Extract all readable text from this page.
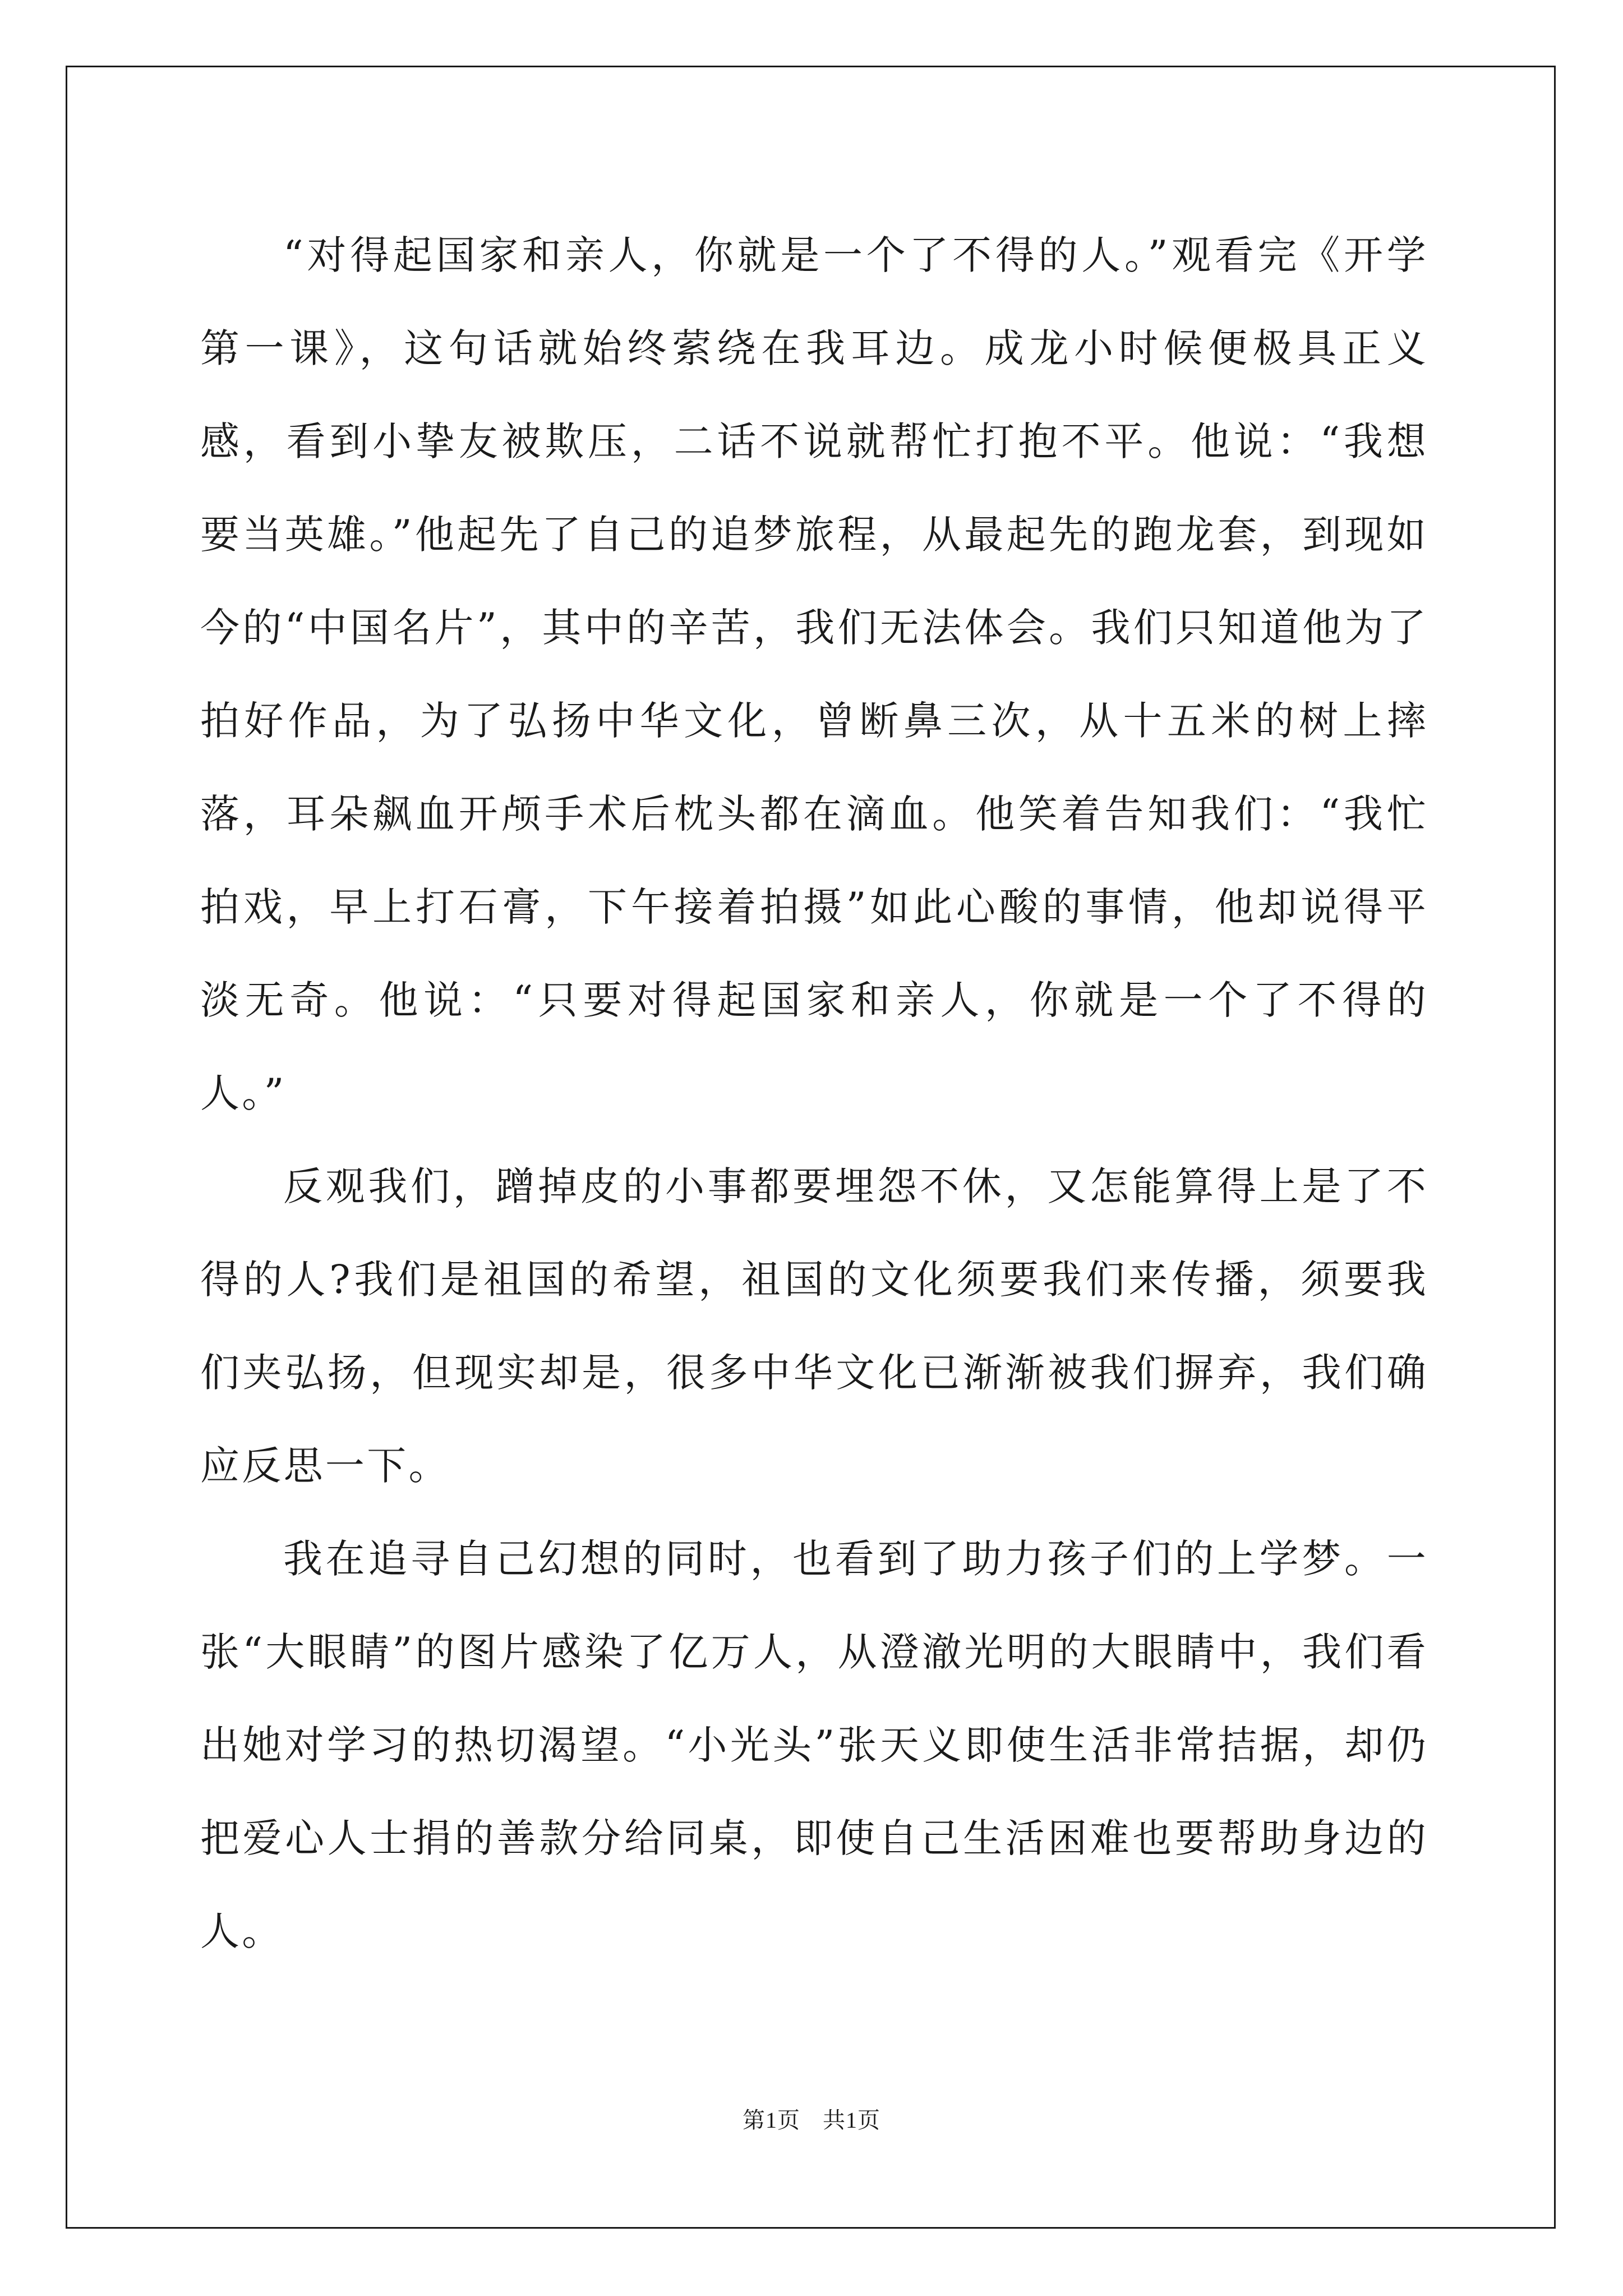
“对得起国家和亲人，你就是一个了不得的人。”观看完《开学第一课》，这句话就始终萦绕在我耳边。成龙小时候便极具正义感，看到小挚友被欺压，二话不说就帮忙打抱不平。他说：“我想要当英雄。”他起先了自己的追梦旅程，从最起先的跑龙套，到现如今的“中国名片”，其中的辛苦，我们无法体会。我们只知道他为了拍好作品，为了弘扬中华文化，曾断鼻三次，从十五米的树上摔落，耳朵飙血开颅手术后枕头都在滴血。他笑着告知我们：“我忙拍戏，早上打石膏，下午接着拍摄”如此心酸的事情，他却说得平淡无奇。他说：“只要对得起国家和亲人，你就是一个了不得的人。”

反观我们，蹭掉皮的小事都要埋怨不休，又怎能算得上是了不得的人?我们是祖国的希望，祖国的文化须要我们来传播，须要我们夹弘扬，但现实却是，很多中华文化已渐渐被我们摒弃，我们确应反思一下。

我在追寻自己幻想的同时，也看到了助力孩子们的上学梦。一张“大眼睛”的图片感染了亿万人，从澄澈光明的大眼睛中，我们看出她对学习的热切渴望。“小光头”张天义即使生活非常拮据，却仍把爱心人士捐的善款分给同桌，即使自己生活困难也要帮助身边的人。

第1页 共1页
